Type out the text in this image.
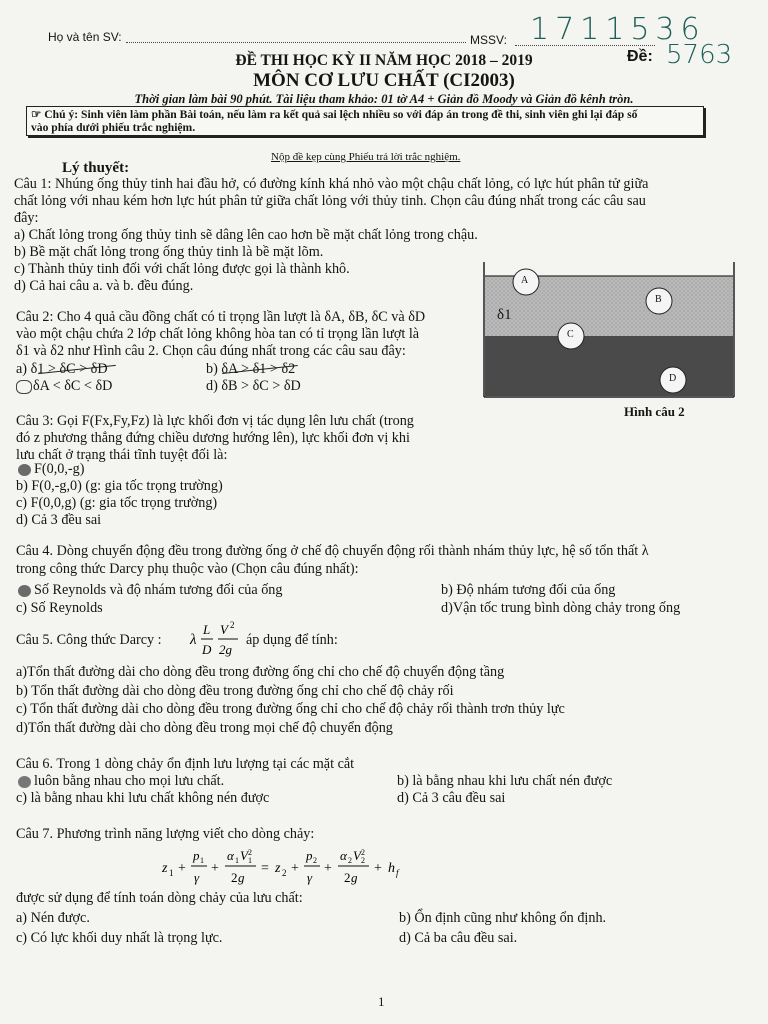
Họ và tên SV:	MSSV: 1711536
Đề: 5763
ĐỀ THI HỌC KỲ II NĂM HỌC 2018 – 2019
MÔN CƠ LƯU CHẤT (CI2003)
Thời gian làm bài 90 phút. Tài liệu tham khảo: 01 tờ A4 + Giản đồ Moody và Giản đồ kênh tròn.
☞ Chú ý: Sinh viên làm phần Bài toán, nếu làm ra kết quả sai lệch nhiều so với đáp án trong đề thi, sinh viên ghi lại đáp số
vào phía dưới phiếu trắc nghiệm.
Nộp đề kẹp cùng Phiếu trả lời trắc nghiệm.
Lý thuyết:
Câu 1: Nhúng ống thủy tinh hai đầu hở, có đường kính khá nhỏ vào một chậu chất lỏng, có lực hút phân tử giữa
chất lỏng với nhau kém hơn lực hút phân tử giữa chất lỏng với thủy tinh. Chọn câu đúng nhất trong các câu sau
đây:
a) Chất lỏng trong ống thủy tinh sẽ dâng lên cao hơn bề mặt chất lỏng trong chậu.
b) Bề mặt chất lỏng trong ống thủy tinh là bề mặt lõm.
c) Thành thủy tinh đối với chất lỏng được gọi là thành khô.
d) Cả hai câu a. và b. đều đúng.
Câu 2: Cho 4 quả cầu đồng chất có tỉ trọng lần lượt là δA, δB, δC và δD
vào một chậu chứa 2 lớp chất lỏng không hòa tan có tỉ trọng lần lượt là
δ1 và δ2 như Hình câu 2. Chọn câu đúng nhất trong các câu sau đây:
a) δ1 > δC > δD	b) δA > δ1 > δ2
δA < δC < δD	d) δB > δC > δD
A
B
C
D
δ1
Hình câu 2
Câu 3: Gọi F(Fx,Fy,Fz) là lực khối đơn vị tác dụng lên lưu chất (trong
đó z phương thẳng đứng chiều dương hướng lên), lực khối đơn vị khi
lưu chất ở trạng thái tĩnh tuyệt đối là:
F(0,0,-g)
b) F(0,-g,0) (g: gia tốc trọng trường)
c) F(0,0,g) (g: gia tốc trọng trường)
d) Cả 3 đều sai
Câu 4. Dòng chuyển động đều trong đường ống ở chế độ chuyển động rối thành nhám thủy lực, hệ số tổn thất λ
trong công thức Darcy phụ thuộc vào (Chọn câu đúng nhất):
Số Reynolds và độ nhám tương đối của ống	b) Độ nhám tương đối của ống
c) Số Reynolds	d)Vận tốc trung bình dòng chảy trong ống
Câu 5. Công thức Darcy : λ
L
D
V 2
2g
áp dụng để tính:
a)Tổn thất đường dài cho dòng đều trong đường ống chỉ cho chế độ chuyển động tầng
b) Tổn thất đường dài cho dòng đều trong đường ống chỉ cho chế độ chảy rối
c) Tổn thất đường dài cho dòng đều trong đường ống chỉ cho chế độ chảy rối thành trơn thủy lực
d)Tổn thất đường dài cho dòng đều trong mọi chế độ chuyển động
Câu 6. Trong 1 dòng chảy ổn định lưu lượng tại các mặt cắt
luôn bằng nhau cho mọi lưu chất.	b) là bằng nhau khi lưu chất nén được
c) là bằng nhau khi lưu chất không nén được	d) Cả 3 câu đều sai
Câu 7. Phương trình năng lượng viết cho dòng chảy:
z 1 +
p 1
γ
+
α 1 V 2
1
2 g
= z 2 +
p 2
γ
+
α 2 V 2
2
2 g
+ h f
được sử dụng để tính toán dòng chảy của lưu chất:
a) Nén được.	b) Ổn định cũng như không ổn định.
c) Có lực khối duy nhất là trọng lực.	d) Cả ba câu đều sai.
1
